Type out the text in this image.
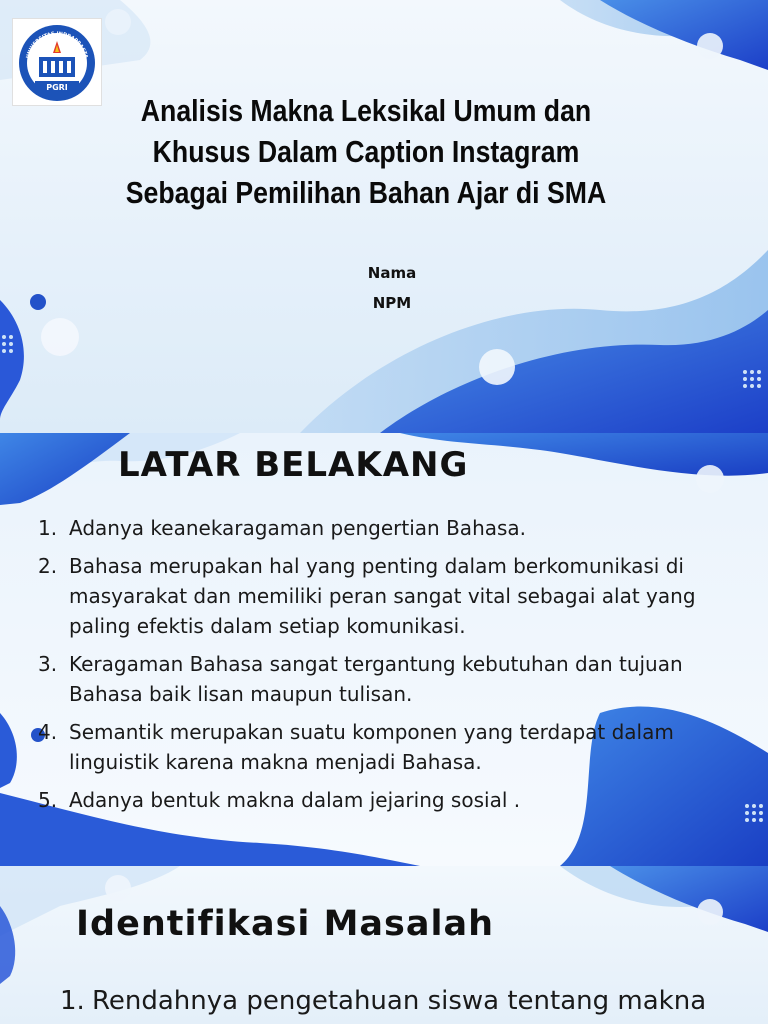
UNIVERSITAS INDRAPRASTA
PGRI
Analisis Makna Leksikal Umum dan Khusus Dalam Caption Instagram Sebagai Pemilihan Bahan Ajar di SMA
Nama
NPM
LATAR BELAKANG
1. Adanya keanekaragaman pengertian Bahasa.
2. Bahasa merupakan hal yang penting dalam berkomunikasi di masyarakat dan memiliki peran sangat vital sebagai alat yang paling efektis dalam setiap komunikasi.
3. Keragaman Bahasa sangat tergantung kebutuhan dan tujuan Bahasa baik lisan maupun tulisan.
4. Semantik merupakan suatu komponen yang terdapat dalam linguistik karena makna menjadi Bahasa.
5. Adanya bentuk makna dalam jejaring sosial .
Identifikasi Masalah
1. Rendahnya pengetahuan siswa tentang makna
